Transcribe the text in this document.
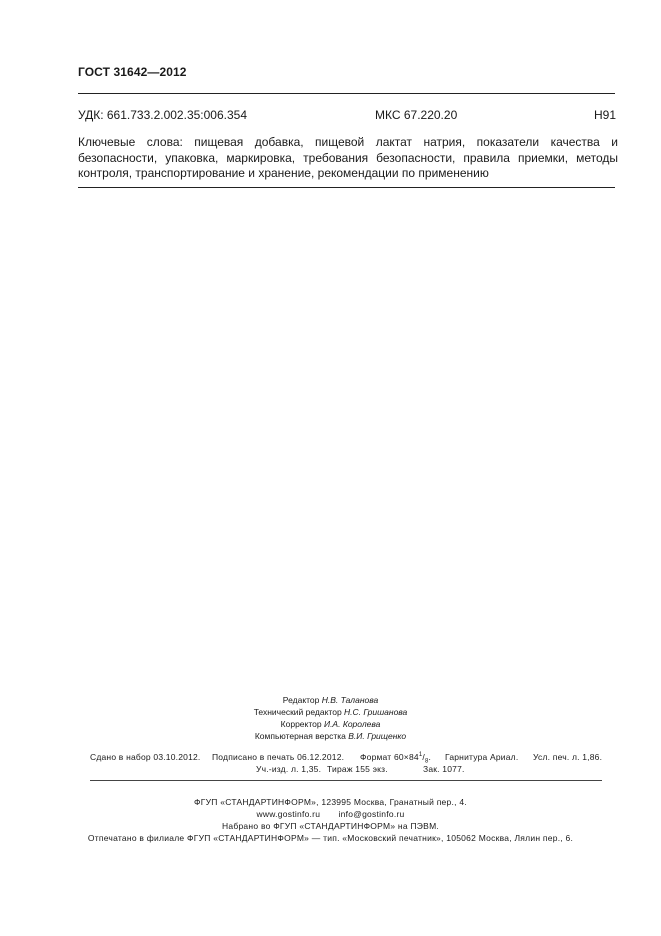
ГОСТ 31642—2012
УДК: 661.733.2.002.35:006.354	МКС 67.220.20	Н91

Ключевые слова: пищевая добавка, пищевой лактат натрия, показатели качества и безопасности, упаковка, маркировка, требования безопасности, правила приемки, методы контроля, транспортирование и хранение, рекомендации по применению

Редактор Н.В. Таланова
Технический редактор Н.С. Гришанова
Корректор И.А. Королева
Компьютерная верстка В.И. Грищенко
Сдано в набор 03.10.2012. Подписано в печать 06.12.2012. Формат $60\times 84^1/_8$. Гарнитура Ариал. Усл. печ. л. 1,86.
Уч.-изд. л. 1,35. Тираж 155 экз.	Зак. 1077.
ФГУП «СТАНДАРТИНФОРМ», 123995 Москва, Гранатный пер., 4.
www.gostinfo.ru info@gostinfo.ru
Набрано во ФГУП «СТАНДАРТИНФОРМ» на ПЭВМ.
Отпечатано в филиале ФГУП «СТАНДАРТИНФОРМ» — тип. «Московский печатник», 105062 Москва, Лялин пер., 6.
